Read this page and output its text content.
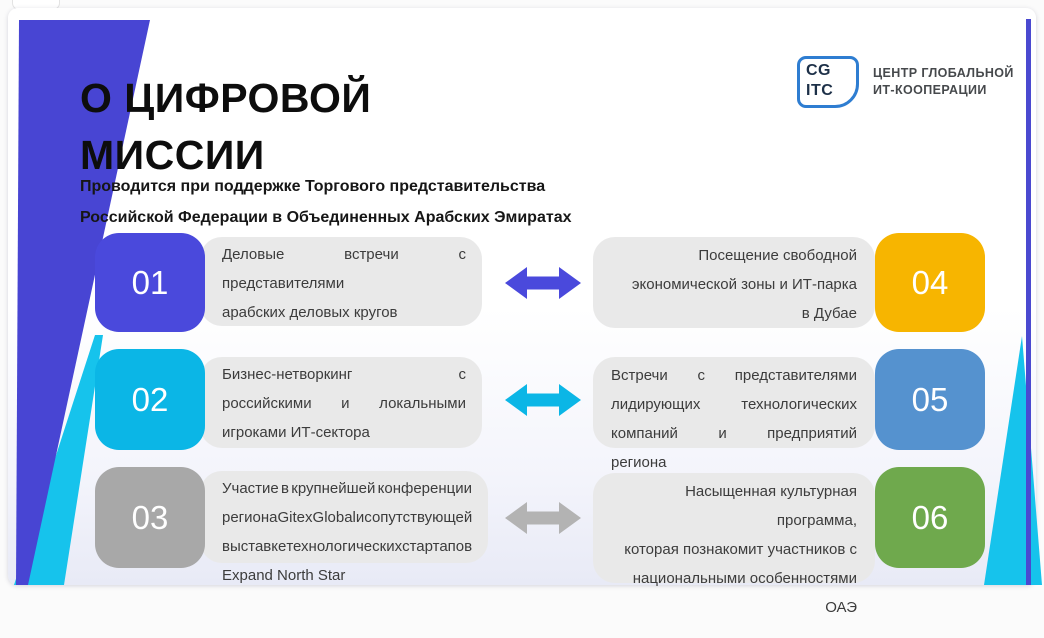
О ЦИФРОВОЙ
МИССИИ
Проводится при поддержке Торгового представительства
Российской Федерации в Объединенных Арабских Эмиратах
CG
ITC
ЦЕНТР ГЛОБАЛЬНОЙ
ИТ-КООПЕРАЦИИ
Деловые	встречи	с
представителями
арабских деловых кругов
Посещение свободной
экономической зоны и ИТ-парка
в Дубае
01	04
Бизнес-нетворкинг	с
российскими и локальными
игроками ИТ-сектора
Встречи с представителями
лидирующих	технологических
компаний	и	предприятий
региона
02	05
Участие в крупнейшей конференции
региона Gitex Global и сопутствующей
выставке технологических стартапов
Expand North Star
Насыщенная культурная программа,
которая познакомит участников с
национальными особенностями
ОАЭ
03	06
